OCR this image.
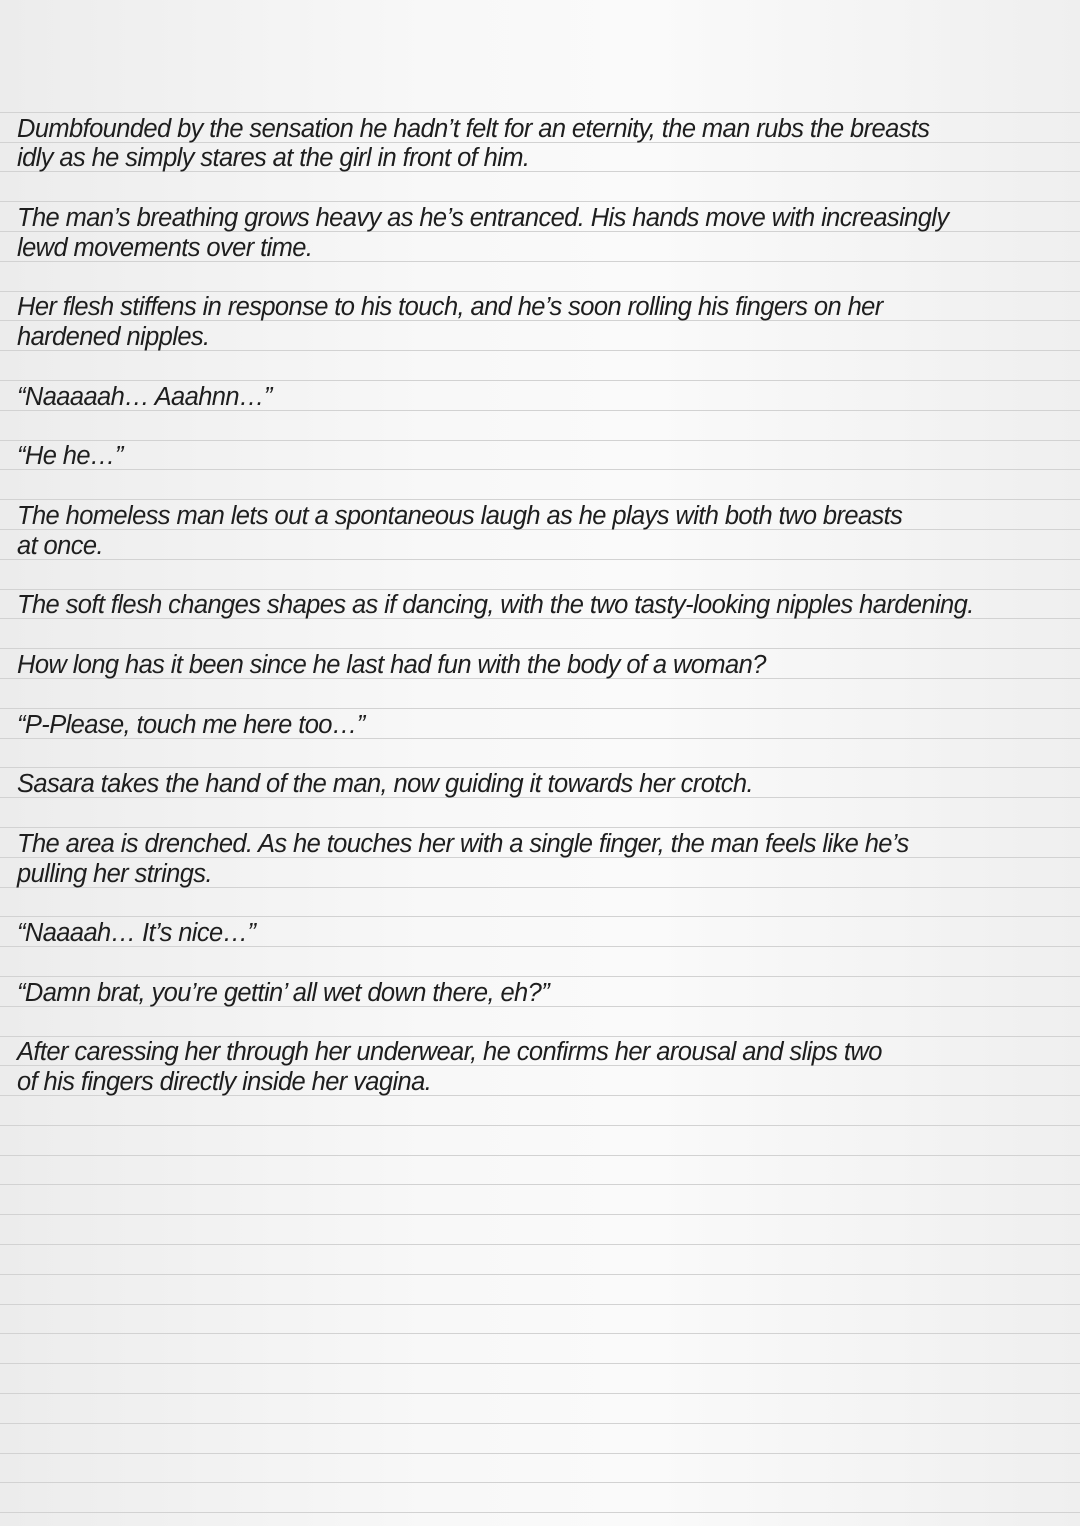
Dumbfounded by the sensation he hadn’t felt for an eternity, the man rubs the breasts
idly as he simply stares at the girl in front of him.
The man’s breathing grows heavy as he’s entranced. His hands move with increasingly
lewd movements over time.
Her flesh stiffens in response to his touch, and he’s soon rolling his fingers on her
hardened nipples.
“Naaaaah… Aaahnn…”
“He he…”
The homeless man lets out a spontaneous laugh as he plays with both two breasts
at once.
The soft flesh changes shapes as if dancing, with the two tasty-looking nipples hardening.
How long has it been since he last had fun with the body of a woman?
“P-Please, touch me here too…”
Sasara takes the hand of the man, now guiding it towards her crotch.
The area is drenched. As he touches her with a single finger, the man feels like he’s
pulling her strings.
“Naaaah… It’s nice…”
“Damn brat, you’re gettin’ all wet down there, eh?”
After caressing her through her underwear, he confirms her arousal and slips two
of his fingers directly inside her vagina.
